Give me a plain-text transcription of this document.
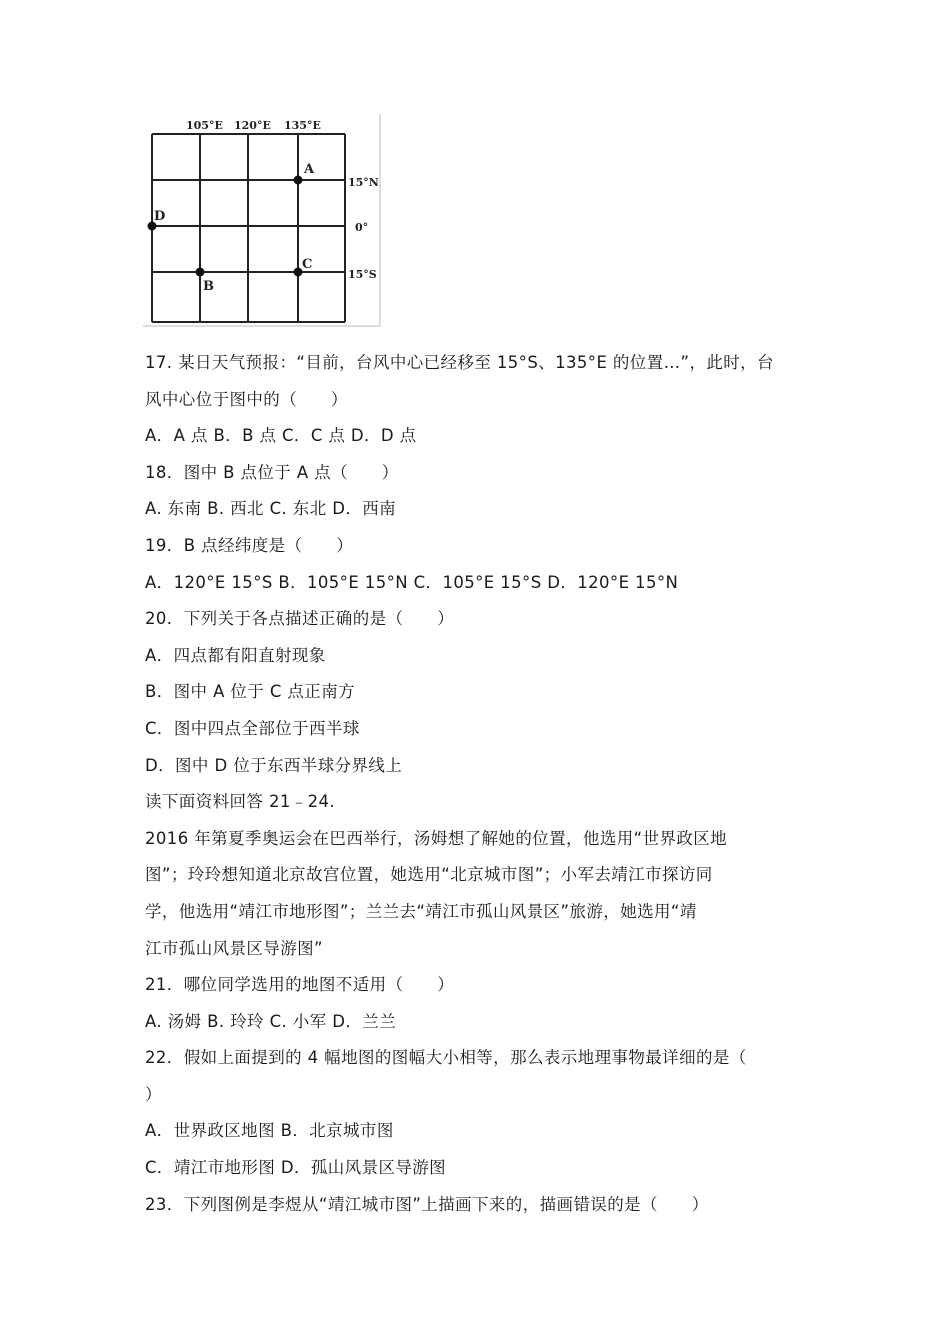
105°E 120°E 135°E
15°N
0°
15°S
A
B
C
D
17. 某日天气预报：“目前，台风中心已经移至 15°S、135°E 的位置…”，此时，台
风中心位于图中的（　　）
A．A 点 B．B 点 C．C 点 D．D 点
18．图中 B 点位于 A 点（　　）
A. 东南 B. 西北 C. 东北 D．西南
19．B 点经纬度是（　　）
A．120°E 15°S B．105°E 15°N C．105°E 15°S D．120°E 15°N
20．下列关于各点描述正确的是（　　）
A．四点都有阳直射现象
B．图中 A 位于 C 点正南方
C．图中四点全部位于西半球
D．图中 D 位于东西半球分界线上
读下面资料回答 21﹣24.
2016 年第夏季奥运会在巴西举行，汤姆想了解她的位置，他选用“世界政区地
图”；玲玲想知道北京故宫位置，她选用“北京城市图”；小军去靖江市探访同
学，他选用“靖江市地形图”；兰兰去“靖江市孤山风景区”旅游，她选用“靖
江市孤山风景区导游图”
21．哪位同学选用的地图不适用（　　）
A. 汤姆 B. 玲玲 C. 小军 D．兰兰
22．假如上面提到的 4 幅地图的图幅大小相等，那么表示地理事物最详细的是（
）
A．世界政区地图 B．北京城市图
C．靖江市地形图 D．孤山风景区导游图
23．下列图例是李煜从“靖江城市图”上描画下来的，描画错误的是（　　）
